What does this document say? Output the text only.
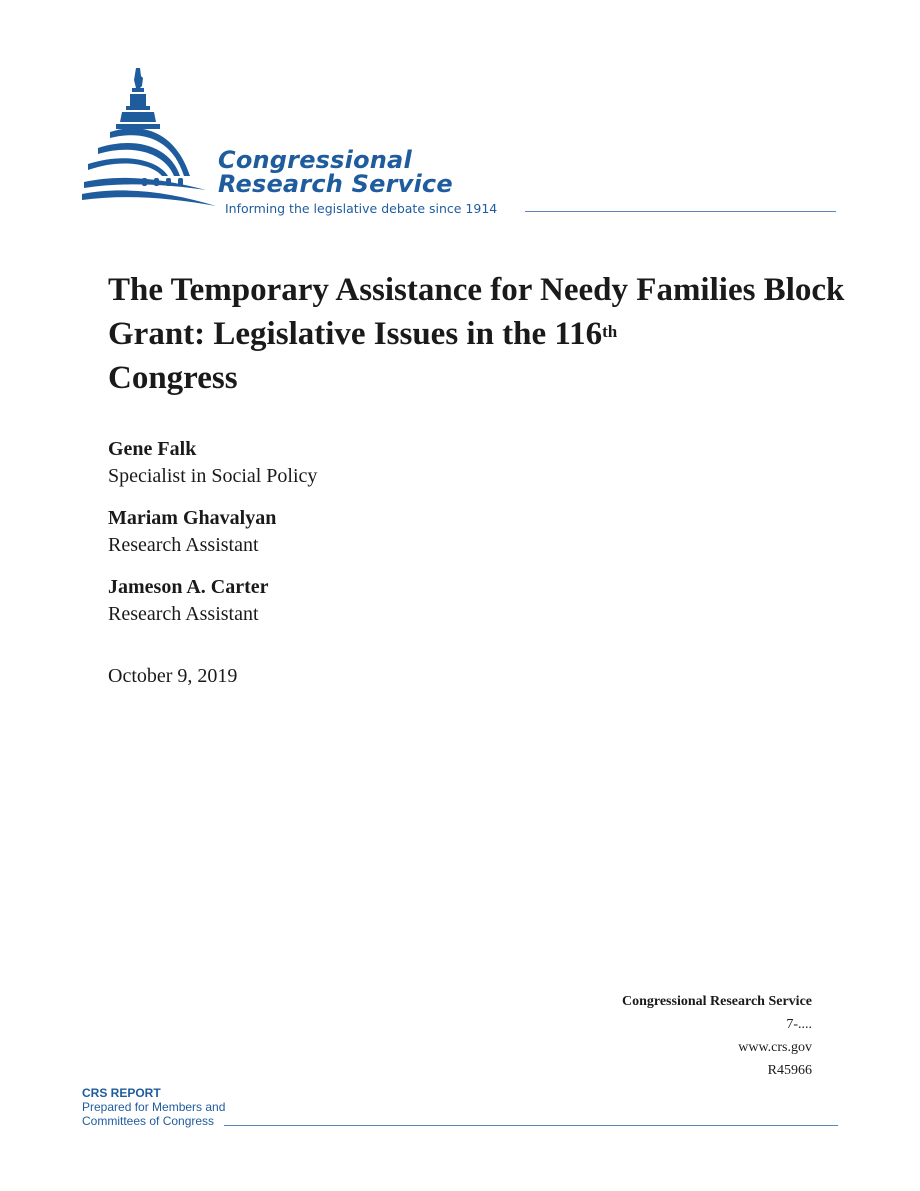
Congressional
Research Service
Informing the legislative debate since 1914
The Temporary Assistance for Needy Families Block Grant: Legislative Issues in the 116th
Congress
Gene Falk
Specialist in Social Policy
Mariam Ghavalyan
Research Assistant
Jameson A. Carter
Research Assistant
October 9, 2019
Congressional Research Service
7-....
www.crs.gov
R45966
CRS REPORT
Prepared for Members and
Committees of Congress
